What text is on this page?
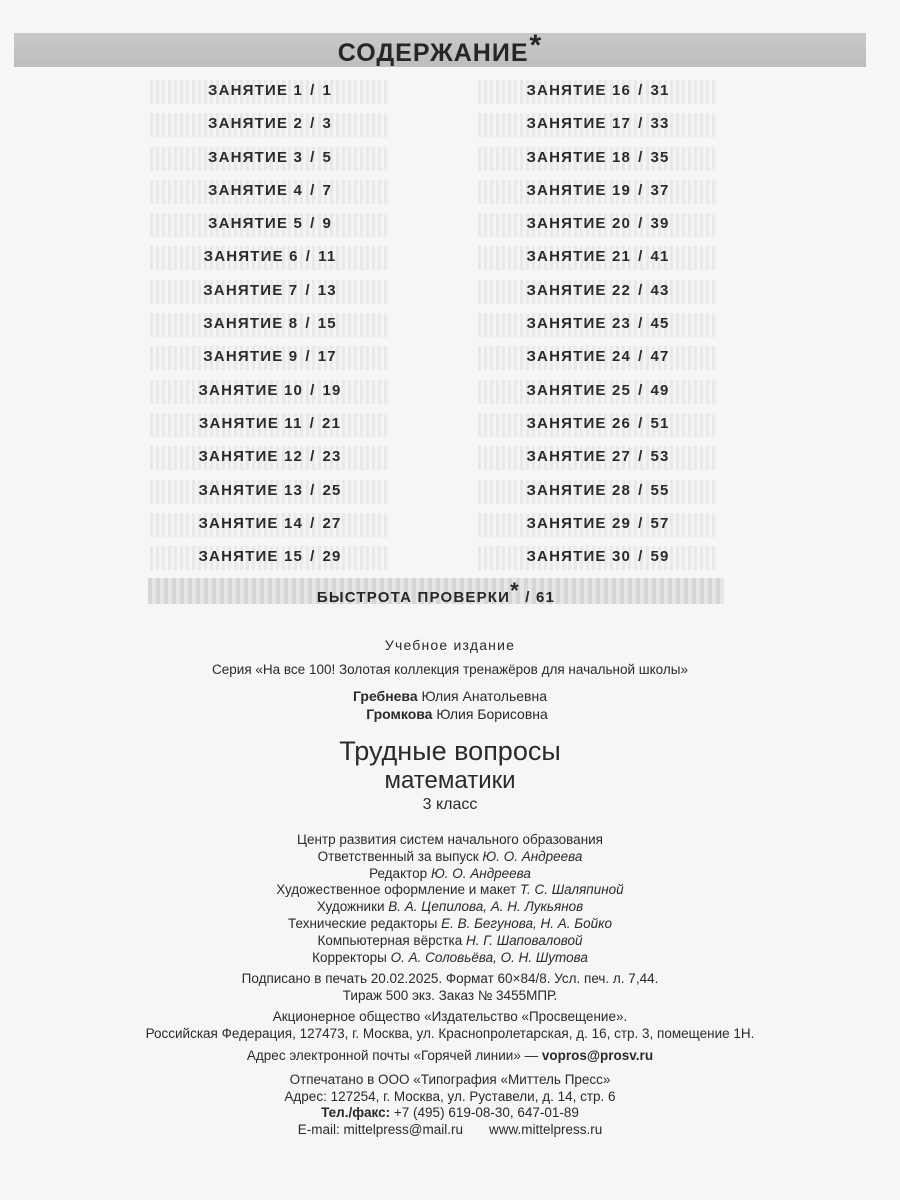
СОДЕРЖАНИЕ*
ЗАНЯТИЕ 1 / 1
ЗАНЯТИЕ 2 / 3
ЗАНЯТИЕ 3 / 5
ЗАНЯТИЕ 4 / 7
ЗАНЯТИЕ 5 / 9
ЗАНЯТИЕ 6 / 11
ЗАНЯТИЕ 7 / 13
ЗАНЯТИЕ 8 / 15
ЗАНЯТИЕ 9 / 17
ЗАНЯТИЕ 10 / 19
ЗАНЯТИЕ 11 / 21
ЗАНЯТИЕ 12 / 23
ЗАНЯТИЕ 13 / 25
ЗАНЯТИЕ 14 / 27
ЗАНЯТИЕ 15 / 29
ЗАНЯТИЕ 16 / 31
ЗАНЯТИЕ 17 / 33
ЗАНЯТИЕ 18 / 35
ЗАНЯТИЕ 19 / 37
ЗАНЯТИЕ 20 / 39
ЗАНЯТИЕ 21 / 41
ЗАНЯТИЕ 22 / 43
ЗАНЯТИЕ 23 / 45
ЗАНЯТИЕ 24 / 47
ЗАНЯТИЕ 25 / 49
ЗАНЯТИЕ 26 / 51
ЗАНЯТИЕ 27 / 53
ЗАНЯТИЕ 28 / 55
ЗАНЯТИЕ 29 / 57
ЗАНЯТИЕ 30 / 59
БЫСТРОТА ПРОВЕРКИ* / 61
Учебное издание
Серия «На все 100! Золотая коллекция тренажёров для начальной школы»
Гребнева Юлия Анатольевна
Громкова Юлия Борисовна
Трудные вопросы
математики
3 класс
Центр развития систем начального образования
Ответственный за выпуск Ю. О. Андреева
Редактор Ю. О. Андреева
Художественное оформление и макет Т. С. Шаляпиной
Художники В. А. Цепилова, А. Н. Лукьянов
Технические редакторы Е. В. Бегунова, Н. А. Бойко
Компьютерная вёрстка Н. Г. Шаповаловой
Корректоры О. А. Соловьёва, О. Н. Шутова
Подписано в печать 20.02.2025. Формат 60×84/8. Усл. печ. л. 7,44.
Тираж 500 экз. Заказ № 3455МПР.
Акционерное общество «Издательство «Просвещение».
Российская Федерация, 127473, г. Москва, ул. Краснопролетарская, д. 16, стр. 3, помещение 1Н.
Адрес электронной почты «Горячей линии» — vopros@prosv.ru
Отпечатано в ООО «Типография «Миттель Пресс»
Адрес: 127254, г. Москва, ул. Руставели, д. 14, стр. 6
Тел./факс: +7 (495) 619-08-30, 647-01-89
E-mail: mittelpress@mail.ru www.mittelpress.ru
